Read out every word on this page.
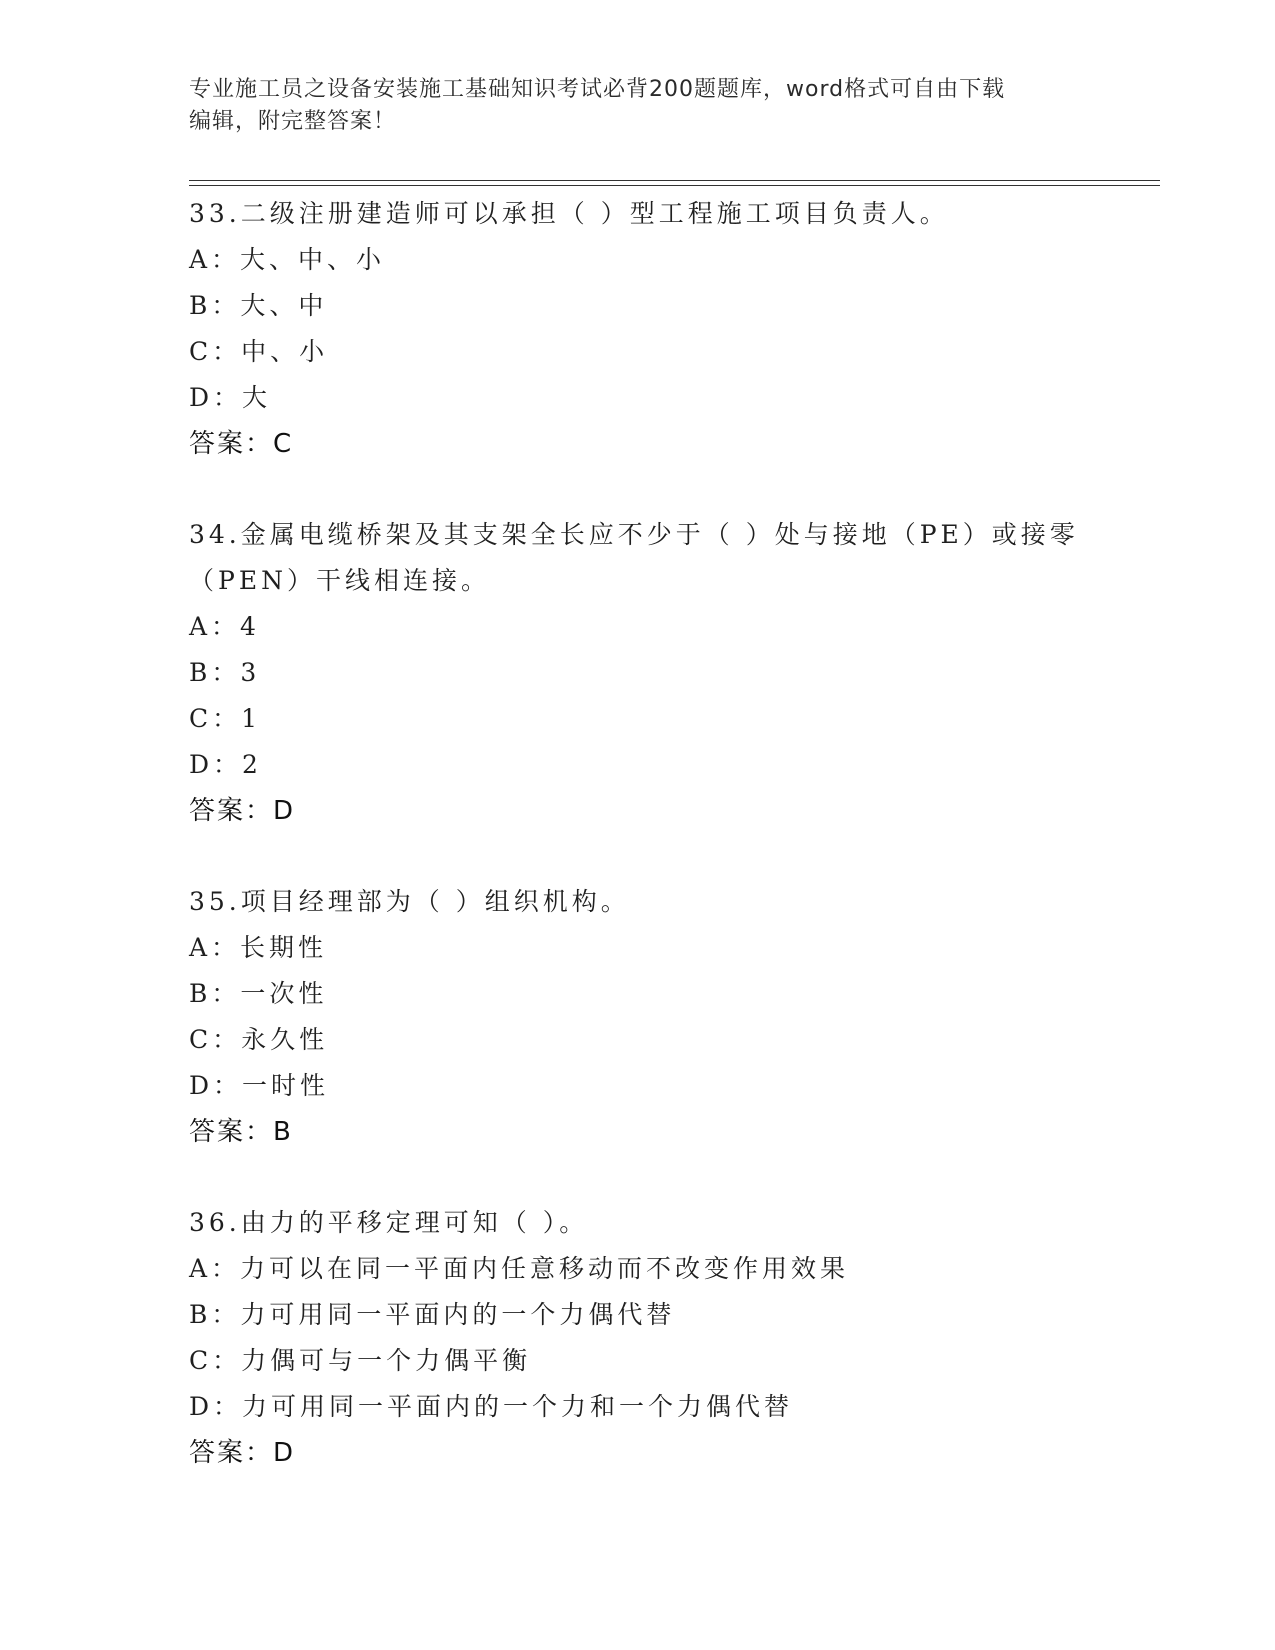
专业施工员之设备安装施工基础知识考试必背200题题库，word格式可自由下载
编辑，附完整答案！
33.二级注册建造师可以承担（ ）型工程施工项目负责人。
A：大、中、小
B：大、中
C：中、小
D：大
答案：C
34.金属电缆桥架及其支架全长应不少于（ ）处与接地（PE）或接零
（PEN）干线相连接。
A：4
B：3
C：1
D：2
答案：D
35.项目经理部为（ ）组织机构。
A：长期性
B：一次性
C：永久性
D：一时性
答案：B
36.由力的平移定理可知（ ）。
A：力可以在同一平面内任意移动而不改变作用效果
B：力可用同一平面内的一个力偶代替
C：力偶可与一个力偶平衡
D：力可用同一平面内的一个力和一个力偶代替
答案：D
